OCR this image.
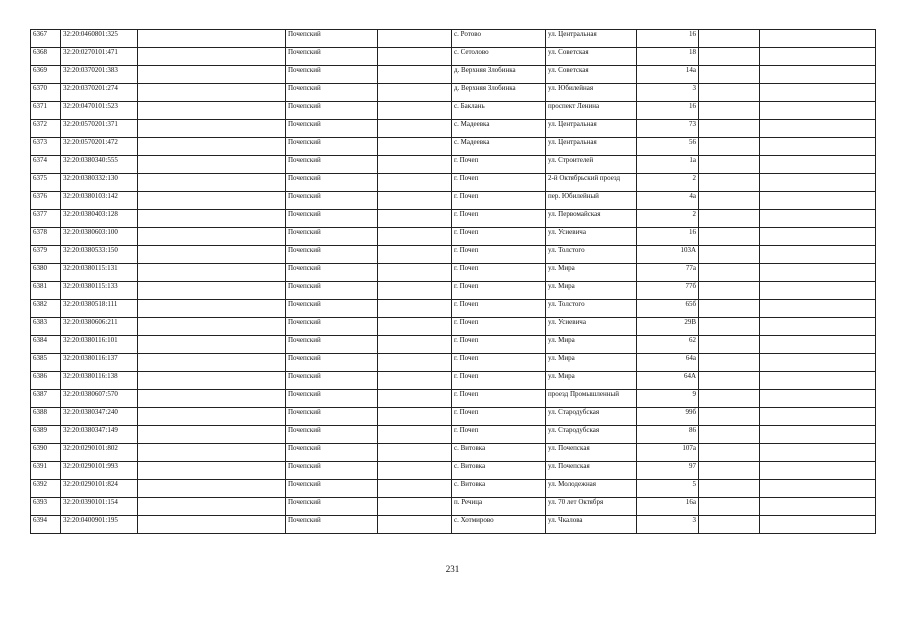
6367	32:20:0460801:325		Почепский		с. Ротово	ул. Центральная	16		
6368	32:20:0270101:471		Почепский		с. Сетолово	ул. Советская	18		
6369	32:20:0370201:383		Почепский		д. Верхняя Злобинка	ул. Советская	14а		
6370	32:20:0370201:274		Почепский		д. Верхняя Злобинка	ул. Юбилейная	3		
6371	32:20:0470101:523		Почепский		с. Баклань	проспект Ленина	16		
6372	32:20:0570201:371		Почепский		с. Мадеевка	ул. Центральная	73		
6373	32:20:0570201:472		Почепский		с. Мадеевка	ул. Центральная	56		
6374	32:20:0380340:555		Почепский		г. Почеп	ул. Строителей	1а		
6375	32:20:0380332:130		Почепский		г. Почеп	2-й Октябрьский проезд	2		
6376	32:20:0380103:142		Почепский		г. Почеп	пер. Юбилейный	4а		
6377	32:20:0380403:128		Почепский		г. Почеп	ул. Первомайская	2		
6378	32:20:0380603:100		Почепский		г. Почеп	ул. Усиевича	16		
6379	32:20:0380533:150		Почепский		г. Почеп	ул. Толстого	103А		
6380	32:20:0380115:131		Почепский		г. Почеп	ул. Мира	77а		
6381	32:20:0380115:133		Почепский		г. Почеп	ул. Мира	77б		
6382	32:20:0380518:111		Почепский		г. Почеп	ул. Толстого	65б		
6383	32:20:0380606:211		Почепский		г. Почеп	ул. Усиевича	29В		
6384	32:20:0380116:101		Почепский		г. Почеп	ул. Мира	62		
6385	32:20:0380116:137		Почепский		г. Почеп	ул. Мира	64а		
6386	32:20:0380116:138		Почепский		г. Почеп	ул. Мира	64А		
6387	32:20:0380607:570		Почепский		г. Почеп	проезд Промышленный	9		
6388	32:20:0380347:240		Почепский		г. Почеп	ул. Стародубская	99б		
6389	32:20:0380347:149		Почепский		г. Почеп	ул. Стародубская	86		
6390	32:20:0290101:802		Почепский		с. Витовка	ул. Почепская	107а		
6391	32:20:0290101:993		Почепский		с. Витовка	ул. Почепская	97		
6392	32:20:0290101:824		Почепский		с. Витовка	ул. Молодежная	5		
6393	32:20:0390101:154		Почепский		п. Речица	ул. 70 лет Октября	16а		
6394	32:20:0400901:195		Почепский		с. Хотмирово	ул. Чкалова	3		
231
